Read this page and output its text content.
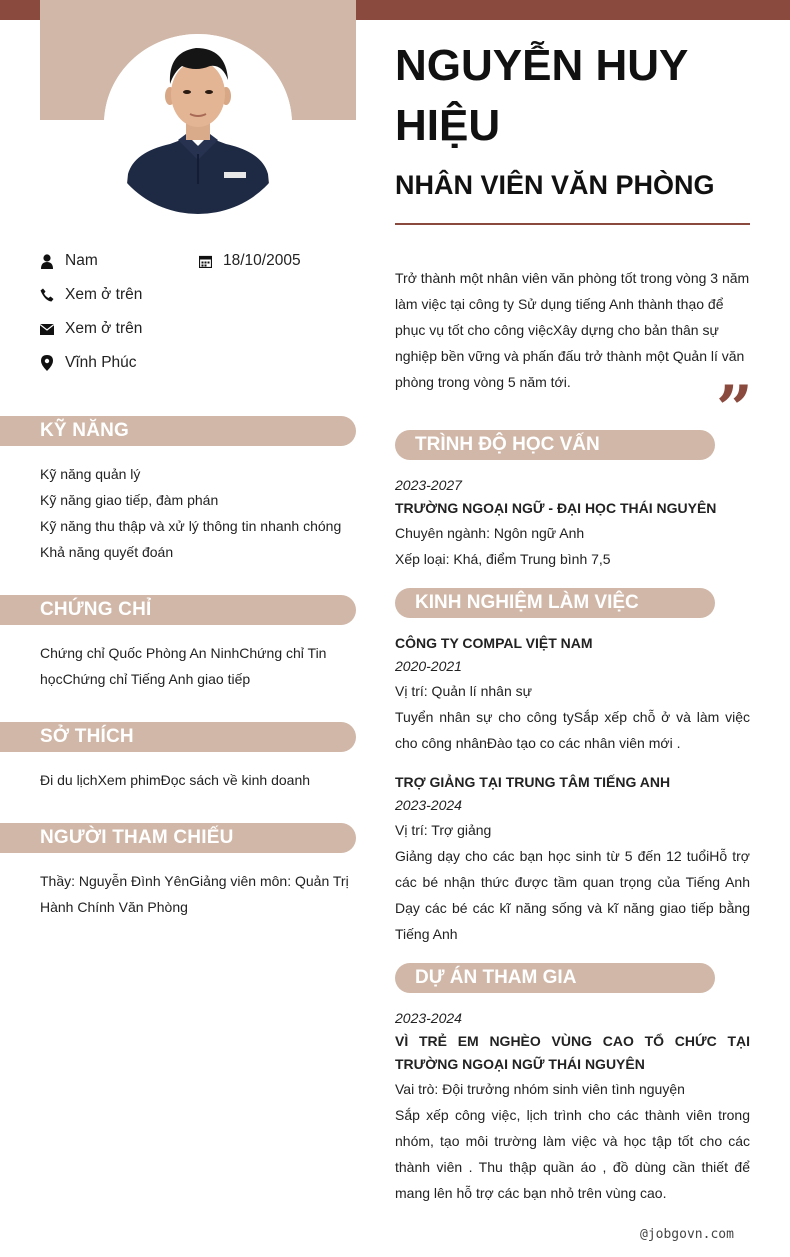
Nam	18/10/2005
Xem ở trên
Xem ở trên
Vĩnh Phúc
KỸ NĂNG
Kỹ năng quản lý
Kỹ năng giao tiếp, đàm phán
Kỹ năng thu thập và xử lý thông tin nhanh chóng
Khả năng quyết đoán
CHỨNG CHỈ
Chứng chỉ Quốc Phòng An NinhChứng chỉ Tin họcChứng chỉ Tiếng Anh giao tiếp
SỞ THÍCH
Đi du lịchXem phimĐọc sách về kinh doanh
NGƯỜI THAM CHIẾU
Thầy: Nguyễn Đình YênGiảng viên môn: Quản Trị Hành Chính Văn Phòng
NGUYỄN HUY HIỆU
NHÂN VIÊN VĂN PHÒNG
Trở thành một nhân viên văn phòng tốt trong vòng 3 năm làm việc tại công ty Sử dụng tiếng Anh thành thạo để phục vụ tốt cho công việcXây dựng cho bản thân sự nghiệp bền vững và phấn đấu trở thành một Quản lí văn phòng trong vòng 5 năm tới.	”
TRÌNH ĐỘ HỌC VẤN
2023-2027
TRƯỜNG NGOẠI NGỮ - ĐẠI HỌC THÁI NGUYÊN
Chuyên ngành: Ngôn ngữ Anh
Xếp loại: Khá, điểm Trung bình 7,5
KINH NGHIỆM LÀM VIỆC
CÔNG TY COMPAL VIỆT NAM
2020-2021
Vị trí: Quản lí nhân sự
Tuyển nhân sự cho công tySắp xếp chỗ ở và làm việc cho công nhânĐào tạo co các nhân viên mới .
TRỢ GIẢNG TẠI TRUNG TÂM TIẾNG ANH
2023-2024
Vị trí: Trợ giảng
Giảng dạy cho các bạn học sinh từ 5 đến 12 tuổiHỗ trợ các bé nhận thức được tầm quan trọng của Tiếng Anh Dạy các bé các kĩ năng sống và kĩ năng giao tiếp bằng Tiếng Anh
DỰ ÁN THAM GIA
2023-2024
VÌ TRẺ EM NGHÈO VÙNG CAO TỔ CHỨC TẠI TRƯỜNG NGOẠI NGỮ THÁI NGUYÊN
Vai trò: Đội trưởng nhóm sinh viên tình nguyện
Sắp xếp công việc, lịch trình cho các thành viên trong nhóm, tạo môi trường làm việc và học tập tốt cho các thành viên . Thu thập quần áo , đồ dùng cần thiết để mang lên hỗ trợ các bạn nhỏ trên vùng cao.
@jobgovn.com
